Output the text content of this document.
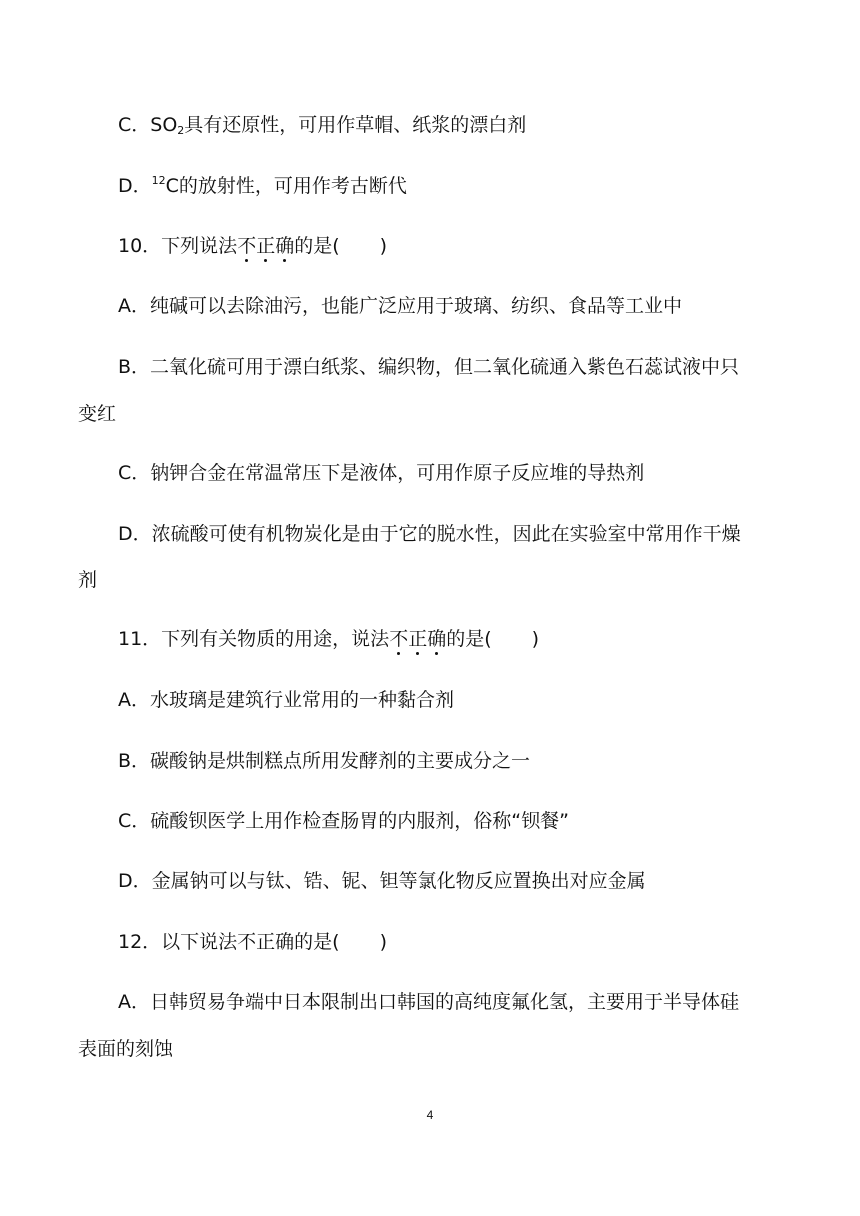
C．$SO_2$具有还原性，可用作草帽、纸浆的漂白剂
D．$^{12}$C的放射性，可用作考古断代
10．下列说法不正确的是( )
A．纯碱可以去除油污，也能广泛应用于玻璃、纺织、食品等工业中
B．二氧化硫可用于漂白纸浆、编织物，但二氧化硫通入紫色石蕊试液中只
变红
C．钠钾合金在常温常压下是液体，可用作原子反应堆的导热剂
D．浓硫酸可使有机物炭化是由于它的脱水性，因此在实验室中常用作干燥
剂
11．下列有关物质的用途，说法不正确的是( )
A．水玻璃是建筑行业常用的一种黏合剂
B．碳酸钠是烘制糕点所用发酵剂的主要成分之一
C．硫酸钡医学上用作检查肠胃的内服剂，俗称“钡餐”
D．金属钠可以与钛、锆、铌、钽等氯化物反应置换出对应金属
12．以下说法不正确的是( )
A．日韩贸易争端中日本限制出口韩国的高纯度氟化氢，主要用于半导体硅
表面的刻蚀
4
